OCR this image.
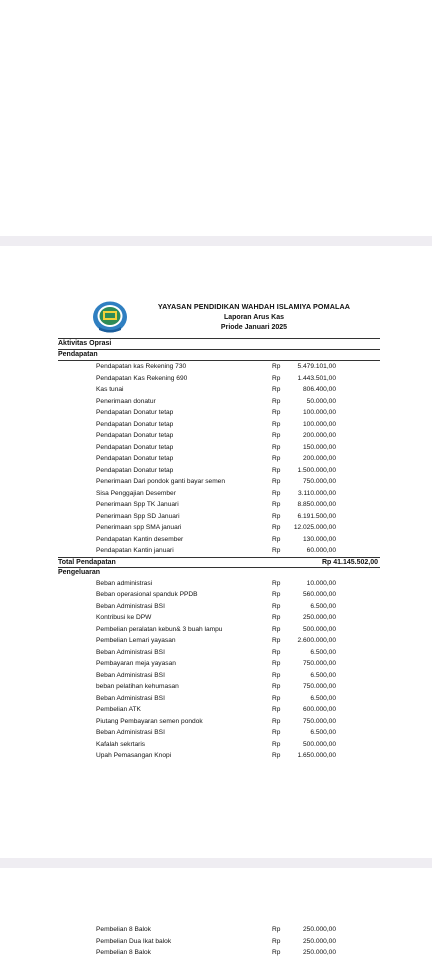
YAYASAN PENDIDIKAN WAHDAH ISLAMIYA POMALAA
Laporan Arus Kas
Priode Januari 2025
Aktivitas Oprasi
Pendapatan
Pendapatan kas Rekening 730	Rp	5.479.101,00
Pendapatan Kas Rekening 690	Rp	1.443.501,00
Kas tunai	Rp	806.400,00
Penerimaan donatur	Rp	50.000,00
Pendapatan Donatur tetap	Rp	100.000,00
Pendapatan Donatur tetap	Rp	100.000,00
Pendapatan Donatur tetap	Rp	200.000,00
Pendapatan Donatur tetap	Rp	150.000,00
Pendapatan Donatur tetap	Rp	200.000,00
Pendapatan Donatur tetap	Rp	1.500.000,00
Penerimaan Dari pondok ganti bayar semen	Rp	750.000,00
Sisa Penggajian Desember	Rp	3.110.000,00
Penerimaan Spp TK Januari	Rp	8.850.000,00
Penerimaan Spp SD Januari	Rp	6.191.500,00
Penerimaan spp SMA januari	Rp	12.025.000,00
Pendapatan Kantin desember	Rp	130.000,00
Pendapatan Kantin januari	Rp	60.000,00
Total Pendapatan	Rp 41.145.502,00
Pengeluaran
Beban administrasi	Rp	10.000,00
Beban operasional spanduk PPDB	Rp	560.000,00
Beban Administrasi BSI	Rp	6.500,00
Kontribusi ke DPW	Rp	250.000,00
Pembelian peralatan kebun& 3 buah lampu	Rp	500.000,00
Pembelian Lemari yayasan	Rp	2.600.000,00
Beban Administrasi BSI	Rp	6.500,00
Pembayaran meja yayasan	Rp	750.000,00
Beban Administrasi BSI	Rp	6.500,00
beban pelatihan kehumasan	Rp	750.000,00
Beban Administrasi BSI	Rp	6.500,00
Pembelian ATK	Rp	600.000,00
Piutang Pembayaran semen pondok	Rp	750.000,00
Beban Administrasi BSI	Rp	6.500,00
Kafalah sekrtaris	Rp	500.000,00
Upah Pemasangan Knopi	Rp	1.650.000,00
Pembelian 8 Balok	Rp	250.000,00
Pembelian Dua Ikat balok	Rp	250.000,00
Pembelian 8 Balok	Rp	250.000,00
